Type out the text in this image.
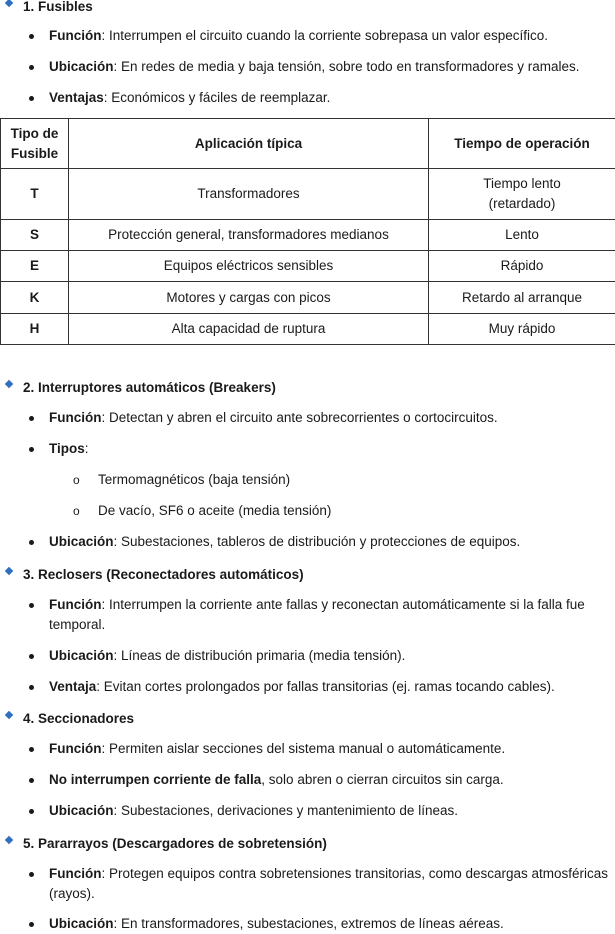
1. Fusibles
Función: Interrumpen el circuito cuando la corriente sobrepasa un valor específico.
Ubicación: En redes de media y baja tensión, sobre todo en transformadores y ramales.
Ventajas: Económicos y fáciles de reemplazar.
Tipo de Fusible	Aplicación típica	Tiempo de operación
T	Transformadores	Tiempo lento (retardado)
S	Protección general, transformadores medianos	Lento
E	Equipos eléctricos sensibles	Rápido
K	Motores y cargas con picos	Retardo al arranque
H	Alta capacidad de ruptura	Muy rápido
2. Interruptores automáticos (Breakers)
Función: Detectan y abren el circuito ante sobrecorrientes o cortocircuitos.
Tipos:
o Termomagnéticos (baja tensión)
o De vacío, SF6 o aceite (media tensión)
Ubicación: Subestaciones, tableros de distribución y protecciones de equipos.
3. Reclosers (Reconectadores automáticos)
Función: Interrumpen la corriente ante fallas y reconectan automáticamente si la falla fue temporal.
Ubicación: Líneas de distribución primaria (media tensión).
Ventaja: Evitan cortes prolongados por fallas transitorias (ej. ramas tocando cables).
4. Seccionadores
Función: Permiten aislar secciones del sistema manual o automáticamente.
No interrumpen corriente de falla, solo abren o cierran circuitos sin carga.
Ubicación: Subestaciones, derivaciones y mantenimiento de líneas.
5. Pararrayos (Descargadores de sobretensión)
Función: Protegen equipos contra sobretensiones transitorias, como descargas atmosféricas (rayos).
Ubicación: En transformadores, subestaciones, extremos de líneas aéreas.
